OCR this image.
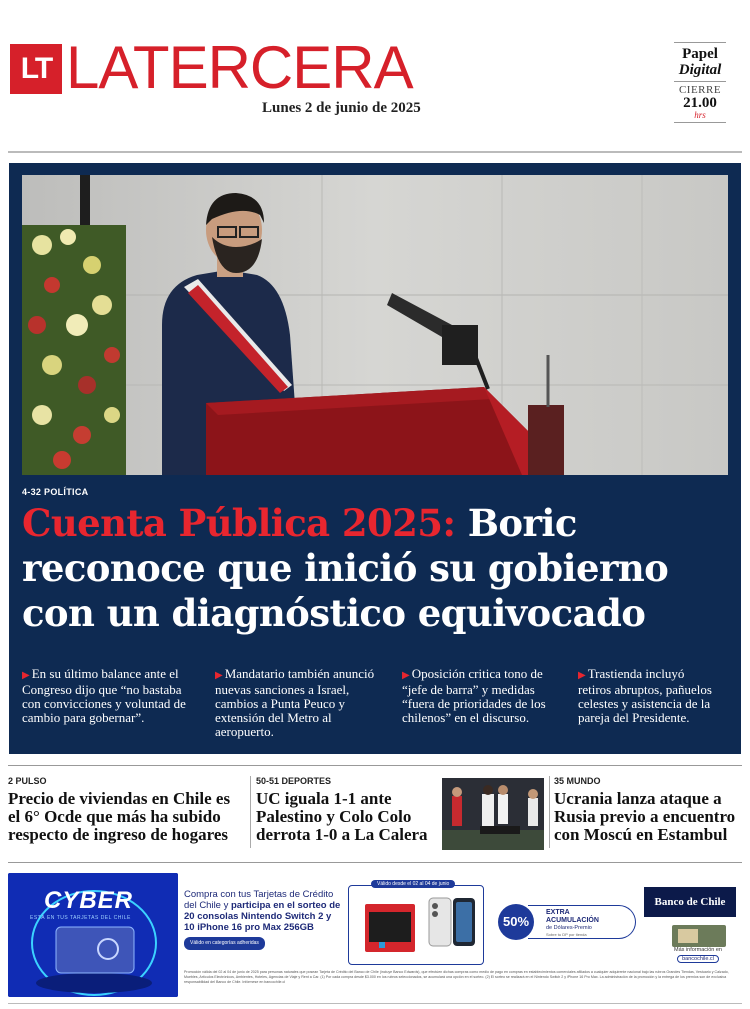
LT LATERCERA
Lunes 2 de junio de 2025
Papel
Digital
CIERRE
21.00
hrs
4-32 POLÍTICA
Cuenta Pública 2025: Boric reconoce que inició su gobierno con un diagnóstico equivocado
▶ En su último balance ante el Congreso dijo que “no bastaba con convicciones y voluntad de cambio para gobernar”.
▶ Mandatario también anunció nuevas sanciones a Israel, cambios a Punta Peuco y extensión del Metro al aeropuerto.
▶ Oposición critica tono de “jefe de barra” y medidas “fuera de prioridades de los chilenos” en el discurso.
▶ Trastienda incluyó retiros abruptos, pañuelos celestes y asistencia de la pareja del Presidente.
2 PULSO
Precio de viviendas en Chile es el 6° Ocde que más ha subido respecto de ingreso de hogares
50-51 DEPORTES
UC iguala 1-1 ante Palestino y Colo Colo derrota 1-0 a La Calera
35 MUNDO
Ucrania lanza ataque a Rusia previo a encuentro con Moscú en Estambul
CYBER
ESTÁ EN TUS TARJETAS DEL CHILE
Compra con tus Tarjetas de Crédito del Chile y participa en el sorteo de 20 consolas Nintendo Switch 2 y 10 iPhone 16 pro Max 256GB
Válido en categorías adheridas
Válido desde el 02 al 04 de junio
EXTRA
ACUMULACIÓN
de Dólares-Premio
Sobre tu DP por tienda
50%
Banco de Chile
Más información en
bancochile.cl
Promoción válida del 02 al 04 de junio de 2025 para personas naturales que posean Tarjeta de Crédito del Banco de Chile (incluye Banco Edwards), que efectúen dichas compras como medio de pago en compras en establecimientos comerciales afiliados a cualquier adquirente nacional bajo las rubros Grandes Tiendas, Vestuario y Calzado, Muebles, Artículos Electrónicos, Ambientes, Hoteles, Agencias de Viaje y Rent a Car. (1) Por cada compra desde $3.000 en los rubros seleccionados, se acumulará una opción en el sorteo. (2) El sorteo se realizará en el Nintendo Switch 2 y iPhone 16 Pro Max. La administración de la promoción y la entrega de los premios son de exclusiva responsabilidad del Banco de Chile. Infórmese en bancochile.cl
